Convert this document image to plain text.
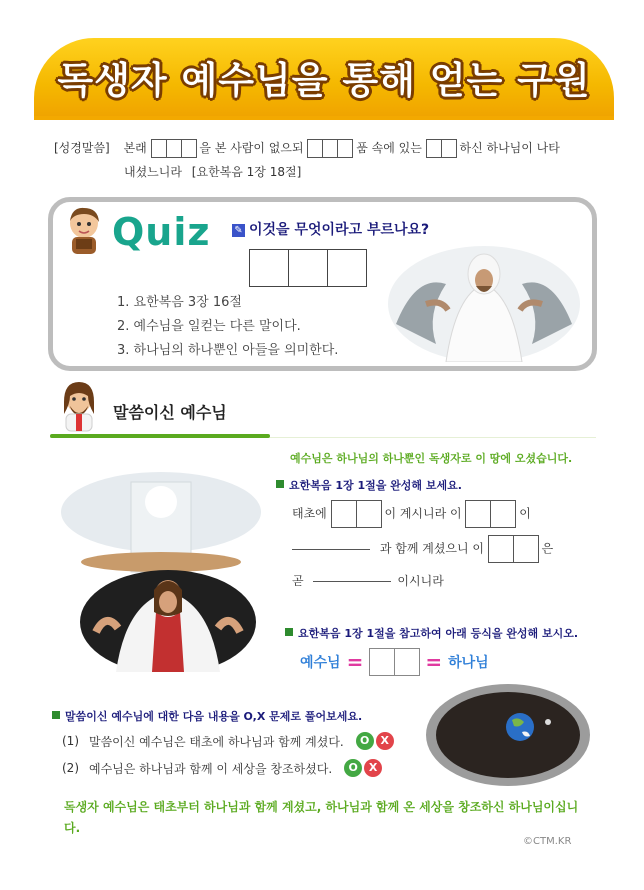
독생자 예수님을 통해 얻는 구원
[성경말씀] 본래	을 본 사람이 없으되	품 속에 있는	하신 하나님이 나타
내셨느니라 [요한복음 1장 18절]
Quiz ✎ 이것을 무엇이라고 부르나요?
1. 요한복음 3장 16절
2. 예수님을 일컫는 다른 말이다.
3. 하나님의 하나뿐인 아들을 의미한다.
말씀이신 예수님
예수님은 하나님의 하나뿐인 독생자로 이 땅에 오셨습니다.
요한복음 1장 1절을 완성해 보세요.
태초에	이 계시니라 이	이
과 함께 계셨으니 이	은
곧	이시니라
요한복음 1장 1절을 참고하여 아래 등식을 완성해 보시오.
예수님 =	= 하나님
말씀이신 예수님에 대한 다음 내용을 O,X 문제로 풀어보세요.
(1) 말씀이신 예수님은 태초에 하나님과 함께 계셨다.	O	X
(2) 예수님은 하나님과 함께 이 세상을 창조하셨다.	O	X
독생자 예수님은 태초부터 하나님과 함께 계셨고, 하나님과 함께 온 세상을 창조하신 하나님이십니다.
©CTM.KR
